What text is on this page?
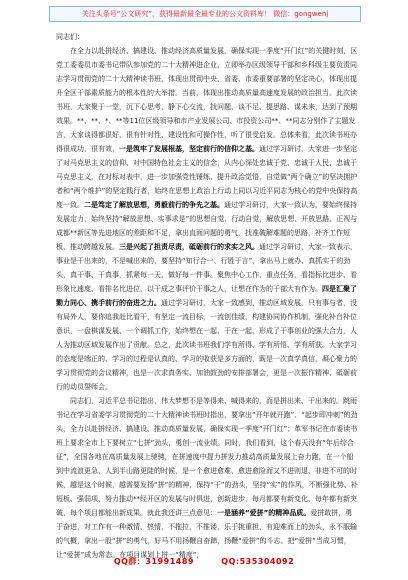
关注头条号“公文研究”，获得最新最全最专业的公文资料库！ 微信：gongwenj

同志们：

在全力以赴拼经济、搞建设、推动经济高质量发展，确保实现一季度“开门红”的关键时刻，区党工委委员市委书记带队参加党的二十大精神进企业，立即举办区级领导干部和乡科级主要负责同志学习贯彻党的二十大精神读书班，体现出贯彻中央、省委、市委重要部署的坚定决心，体现出提升全区干部素质能力的根本性的大举措。当前，体现出推动高质量高速度发展的政治担当。此次读书班，大家聚于一堂，沉下心思考、静下心交流，找问题、谈不足、提思路、谋未来，达到了预期效果。**、**、*、**等11位区级领导和市产业发展公司、市投资公司**、**同志分别作了主题发言，大家谈得都很好，很有针对性、建设性和可操作性，听了很受启发。总体来看，此次读书班办得很成功、很有效，一是筑牢了发展根基，坚定前行的信仰之基。通过学习研讨，大家进一步坚定了对马克思主义的信仰、对中国特色社会主义的信念，从内心深处忠诚于党、忠诚于人民、忠诚于马克思主义，在对标对表中，进一步加强党性锤炼、提升政治觉悟，自觉做“两个确立”的坚决拥护者和“两个维护”的坚定践行者，始终在思想上政治上行动上同以习近平同志为核心的党中央保持高度一致。二是笃定了解放思想，勇毅前行的争先之基。通过学习研讨，大家一致认为，要始终保持发展定力，始终坚持“解放思想、实事求是”的思想自觉、行动自觉，解放思想、开放思路、正视与成都**新区等先进地区的差距和不足，拿出直面问题的勇气，找准破解难题的思路，补齐工作短板，推动跨越发展。三是兴起了担责尽责，砥砺前行的求实之风。通过学习研讨，大家一致表示，事业是干出来的，不是喊出来的，要坚持“知行合一、行胜于言”，拿出马上就办、真抓实干的劲头，真干事、干真事，抓紧每一天，做好每一件事。聚焦中心工作、重点任务，看指标比进步、看形象比速度、看排名比进位，以干成之事评价干事之人，让想在作为的干部大有作为。四是汇聚了勠力同心、携手前行的奋进之力。通过学习研讨，大家一致感到，推动区域发展，只有事与者，没有局外人，要你追我赶比看干，有坚定一流目标，一流创佳绩，构建协同协作机制，强化补台补位意识，一盘棋谋发展、一个调抓工作，始终想在一起、干在一起，形成了干事创业的强大合力，人人为推动区域发展作出了贡献。总之，此次读书班我们学有所得、学有所悟、学有所获。大家学习的态度是端正的、学习的过程是认真的、学习的收获是多方面的，既是一次真学真信，凝心聚力的学习贯彻党的会议精神，也是一次求真务实、加油鼓劲的安排部署会，更是一次振作精神、砥砺前行的动员誓师会。

同志们，习近平总书记指出，伟大梦想不是等得来、喊得来的，而是拼出来、干出来的。跳雨书记在学习省委学习贯彻党的二十大精神读书班时指出，要拿出“开年就开跑”、“起步即冲刺”的劲头，全力以赴拼经济、搞建设、推动高质量发展，确保实现一季度“开门红”；革军书记在市委读书班上要求全市上下要树立“七拼”劲头，勇创一流业绩。同时，我们看到，这个春天没有“年后综合征”，全国各地在高质量发展上驰骋，在拼速度中提力拼发力推动高质量发展上奋力跑，在一个船到中流浪更急、人到半山路更陡的时候，是一个愈进愈难、愈进愈险而又不进则退、非进不可的时候，越是这个时候，越需要发扬“拼”的精神，保持“干”的劲头，坚持“实”的作风，不断强化势、补短板、强弱项，努力推动**经开区的发展与时俱进，创新进步，每月都要有新变化、每年都有新突破，每个项目都能出新成果。就此我还讲三点意见：一是涵养“爱拼”的精神品质。爱拼敢拼，勇于奋进，对工作有一种激情、热情，不拖拉，不推诿，乐于挑重担，有迎难而上的劲头，永不服输的气概，拿出一股“拼”的勇气，好马不用扬鞭自奋蹄，扬鞭“爱拼”的斗志。把“爱拼”当成习惯，让“爱拼”成为常态。在项目谋划上拼一“精度”，

QQ群：31991489	QQ:535304092
